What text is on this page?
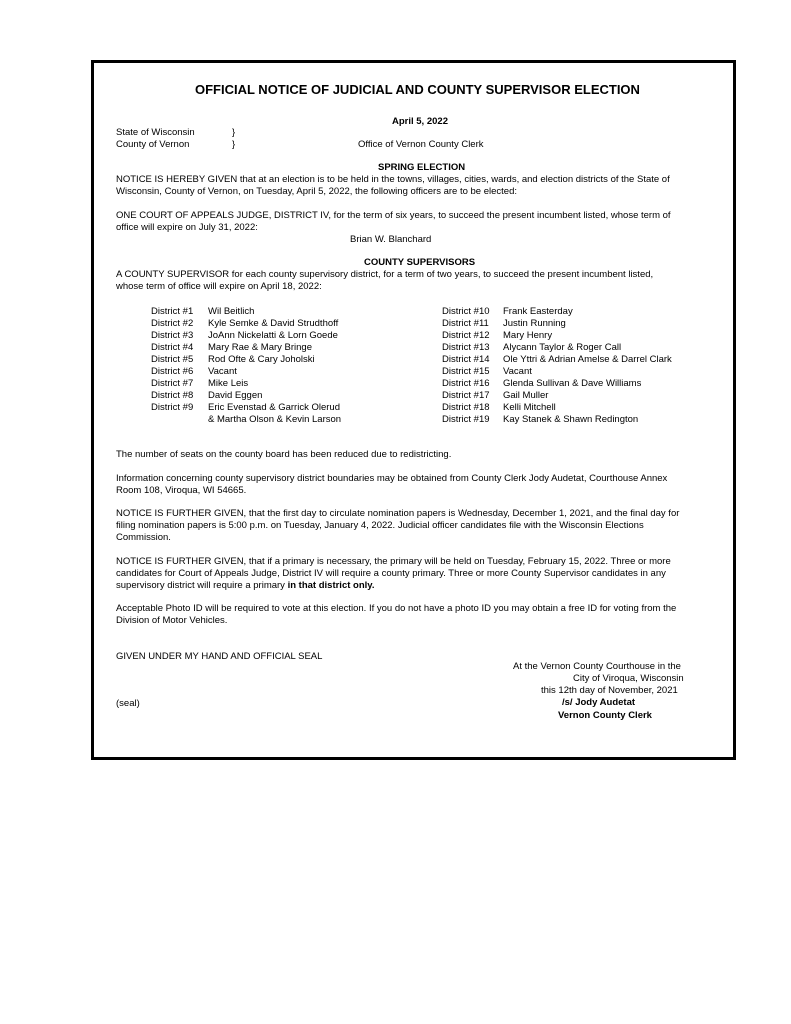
OFFICIAL NOTICE OF JUDICIAL AND COUNTY SUPERVISOR ELECTION
April 5, 2022
State of Wisconsin	}
County of Vernon	}	Office of Vernon County Clerk
SPRING ELECTION
NOTICE IS HEREBY GIVEN that at an election is to be held in the towns, villages, cities, wards, and election districts of the State of
Wisconsin, County of Vernon, on Tuesday, April 5, 2022, the following officers are to be elected:
ONE COURT OF APPEALS JUDGE, DISTRICT IV, for the term of six years, to succeed the present incumbent listed, whose term of
office will expire on July 31, 2022:
Brian W. Blanchard
COUNTY SUPERVISORS
A COUNTY SUPERVISOR for each county supervisory district, for a term of two years, to succeed the present incumbent listed,
whose term of office will expire on April 18, 2022:
District #1 Wil Beitlich
District #2 Kyle Semke & David Strudthoff
District #3 JoAnn Nickelatti & Lorn Goede
District #4 Mary Rae & Mary Bringe
District #5 Rod Ofte & Cary Joholski
District #6 Vacant
District #7 Mike Leis
District #8 David Eggen
District #9 Eric Evenstad & Garrick Olerud
& Martha Olson & Kevin Larson
District #10 Frank Easterday
District #11 Justin Running
District #12 Mary Henry
District #13 Alycann Taylor & Roger Call
District #14 Ole Yttri & Adrian Amelse & Darrel Clark
District #15 Vacant
District #16 Glenda Sullivan & Dave Williams
District #17 Gail Muller
District #18 Kelli Mitchell
District #19 Kay Stanek & Shawn Redington
The number of seats on the county board has been reduced due to redistricting.
Information concerning county supervisory district boundaries may be obtained from County Clerk Jody Audetat, Courthouse Annex
Room 108, Viroqua, WI 54665.
NOTICE IS FURTHER GIVEN, that the first day to circulate nomination papers is Wednesday, December 1, 2021, and the final day for
filing nomination papers is 5:00 p.m. on Tuesday, January 4, 2022. Judicial officer candidates file with the Wisconsin Elections
Commission.
NOTICE IS FURTHER GIVEN, that if a primary is necessary, the primary will be held on Tuesday, February 15, 2022. Three or more
candidates for Court of Appeals Judge, District IV will require a county primary. Three or more County Supervisor candidates in any
supervisory district will require a primary in that district only.
Acceptable Photo ID will be required to vote at this election. If you do not have a photo ID you may obtain a free ID for voting from the
Division of Motor Vehicles.
GIVEN UNDER MY HAND AND OFFICIAL SEAL
At the Vernon County Courthouse in the
City of Viroqua, Wisconsin
this 12th day of November, 2021
/s/ Jody Audetat
Vernon County Clerk
(seal)
